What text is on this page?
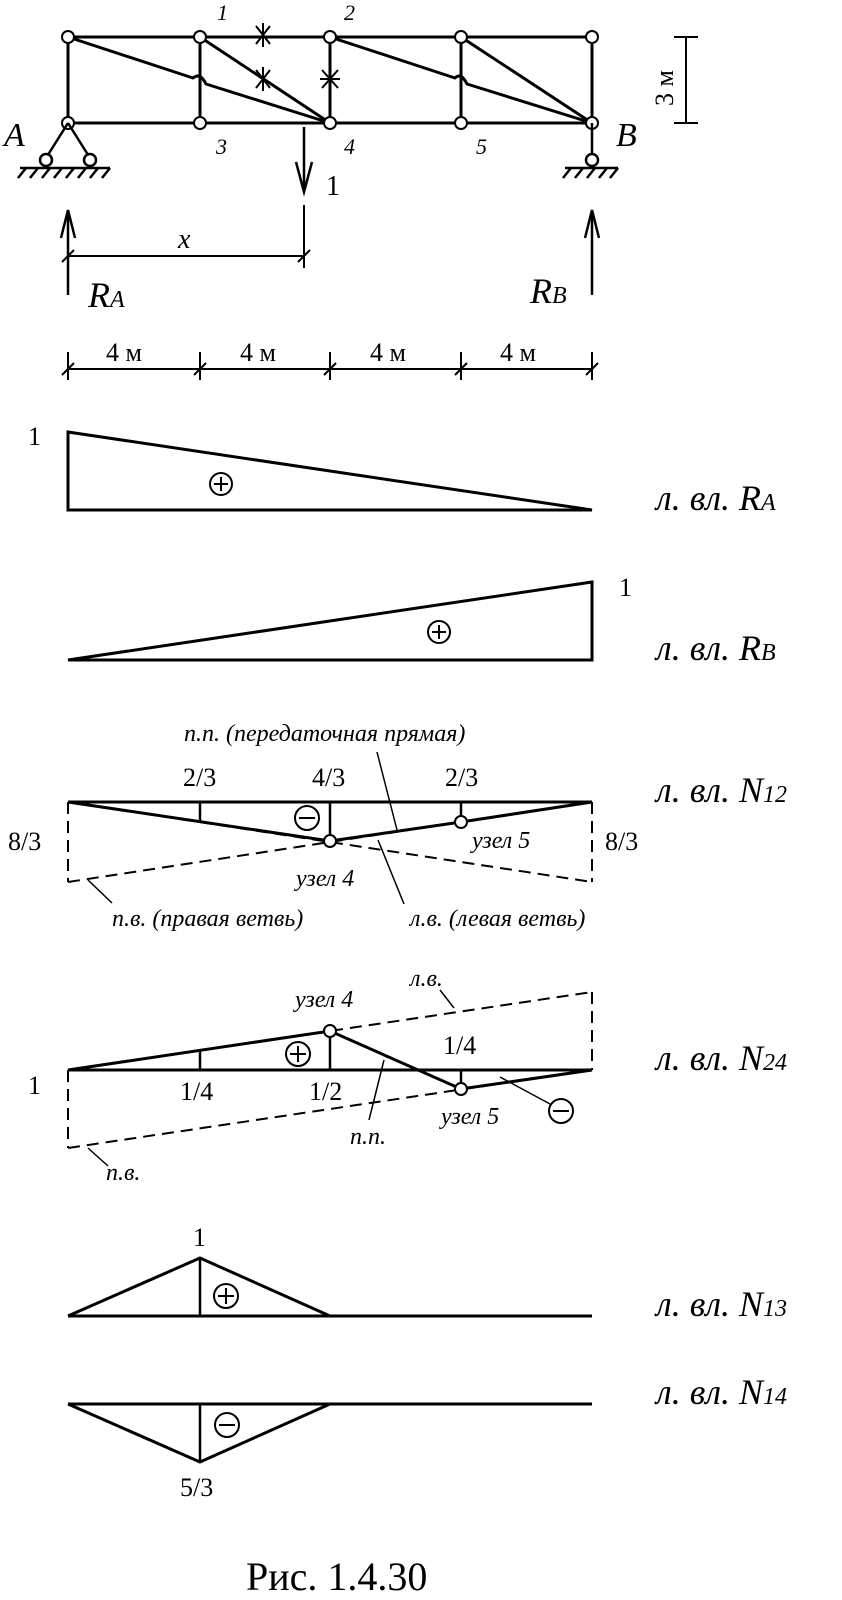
A	B
1	2
3	4	5
3 м
1
x
RA	RB
4 м	4 м	4 м	4 м
1
л. вл. RA
1
л. вл. RB
2/3	4/3	2/3
8/3	8/3
п.п. (передаточная прямая)
узел 5
узел 4
п.в. (правая ветвь)	л.в. (левая ветвь)
л. вл. N12
1	1/4	1/2
1/4
узел 4
л.в.
узел 5
п.п.
п.в.
л. вл. N24
1
л. вл. N13
5/3
л. вл. N14
Рис. 1.4.30
